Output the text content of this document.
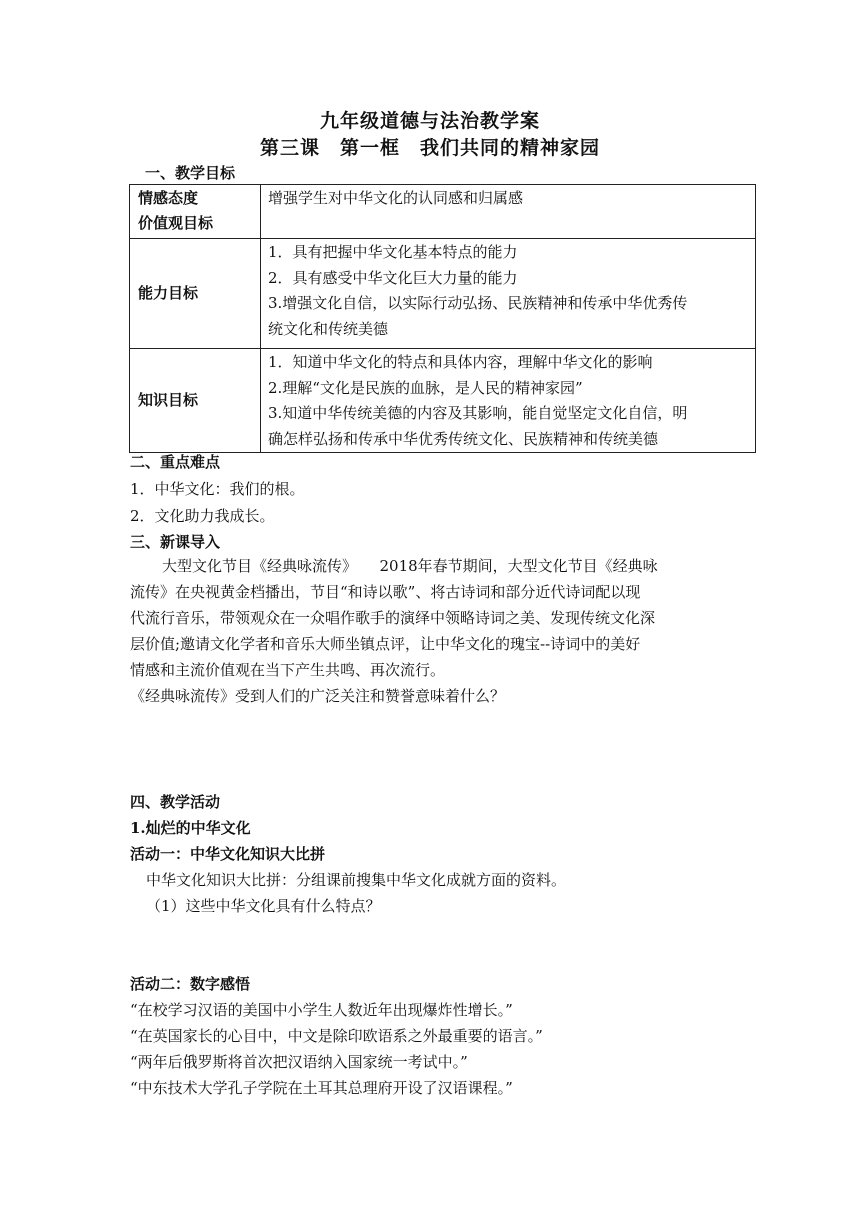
九年级道德与法治教学案
第三课　第一框　我们共同的精神家园
一、教学目标
情感态度
价值观目标	增强学生对中华文化的认同感和归属感

能力目标	1．具有把握中华文化基本特点的能力
2．具有感受中华文化巨大力量的能力
3.增强文化自信，以实际行动弘扬、民族精神和传承中华优秀传
统文化和传统美德

知识目标	1．知道中华文化的特点和具体内容，理解中华文化的影响
2.理解“文化是民族的血脉，是人民的精神家园”
3.知道中华传统美德的内容及其影响，能自觉坚定文化自信，明
确怎样弘扬和传承中华优秀传统文化、民族精神和传统美德
二、重点难点
1．中华文化：我们的根。
2．文化助力我成长。
三、新课导入
大型文化节目《经典咏流传》　　2018年春节期间，大型文化节目《经典咏
流传》在央视黄金档播出，节目“和诗以歌”、将古诗词和部分近代诗词配以现
代流行音乐，带领观众在一众唱作歌手的演绎中领略诗词之美、发现传统文化深
层价值;邀请文化学者和音乐大师坐镇点评，让中华文化的瑰宝--诗词中的美好
情感和主流价值观在当下产生共鸣、再次流行。
《经典咏流传》受到人们的广泛关注和赞誉意味着什么？
四、教学活动
1.灿烂的中华文化
活动一：中华文化知识大比拼
中华文化知识大比拼：分组课前搜集中华文化成就方面的资料。
（1）这些中华文化具有什么特点？
活动二：数字感悟
“在校学习汉语的美国中小学生人数近年出现爆炸性增长。”
“在英国家长的心目中，中文是除印欧语系之外最重要的语言。”
“两年后俄罗斯将首次把汉语纳入国家统一考试中。”
“中东技术大学孔子学院在土耳其总理府开设了汉语课程。”
